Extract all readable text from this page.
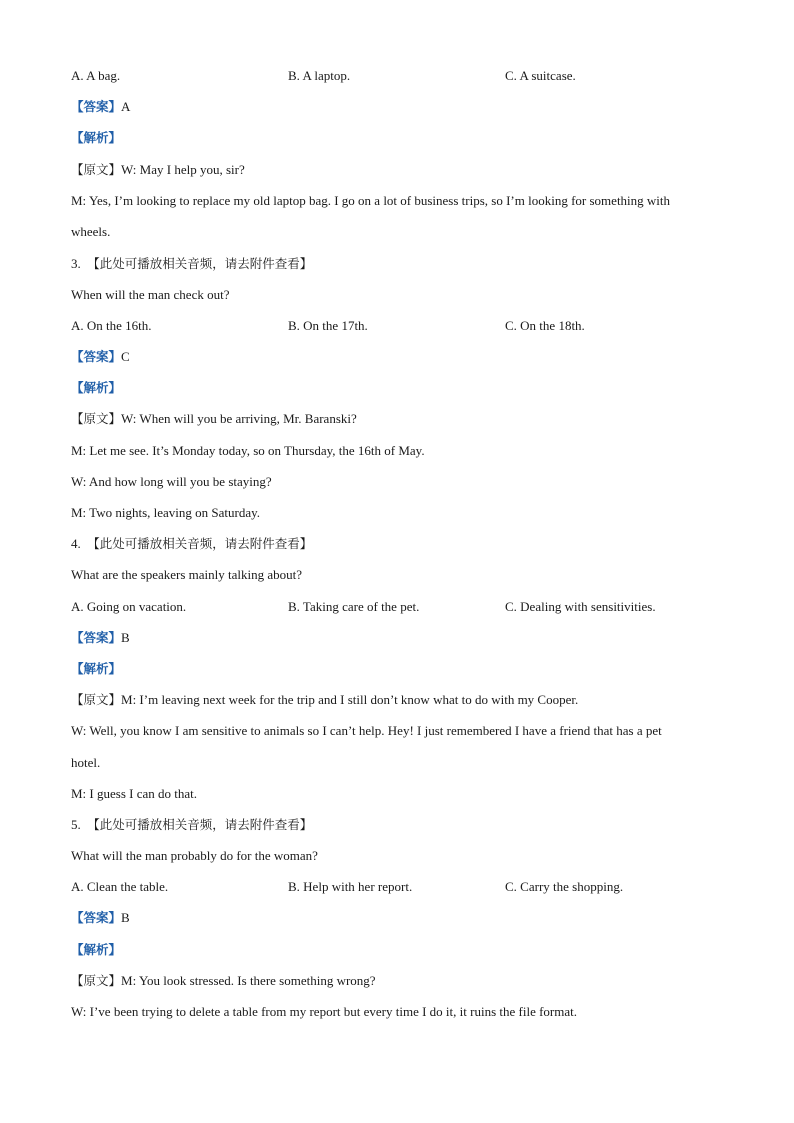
A. A bag.	B. A laptop.	C. A suitcase.
【答案】A
【解析】
【原文】W: May I help you, sir?
M: Yes, I’m looking to replace my old laptop bag. I go on a lot of business trips, so I’m looking for something with
wheels.
3. 【此处可播放相关音频，请去附件查看】
When will the man check out?
A. On the 16th.	B. On the 17th.	C. On the 18th.
【答案】C
【解析】
【原文】W: When will you be arriving, Mr. Baranski?
M: Let me see. It’s Monday today, so on Thursday, the 16th of May.
W: And how long will you be staying?
M: Two nights, leaving on Saturday.
4. 【此处可播放相关音频，请去附件查看】
What are the speakers mainly talking about?
A. Going on vacation.	B. Taking care of the pet.	C. Dealing with sensitivities.
【答案】B
【解析】
【原文】M: I’m leaving next week for the trip and I still don’t know what to do with my Cooper.
W: Well, you know I am sensitive to animals so I can’t help. Hey! I just remembered I have a friend that has a pet
hotel.
M: I guess I can do that.
5. 【此处可播放相关音频，请去附件查看】
What will the man probably do for the woman?
A. Clean the table.	B. Help with her report.	C. Carry the shopping.
【答案】B
【解析】
【原文】M: You look stressed. Is there something wrong?
W: I’ve been trying to delete a table from my report but every time I do it, it ruins the file format.
